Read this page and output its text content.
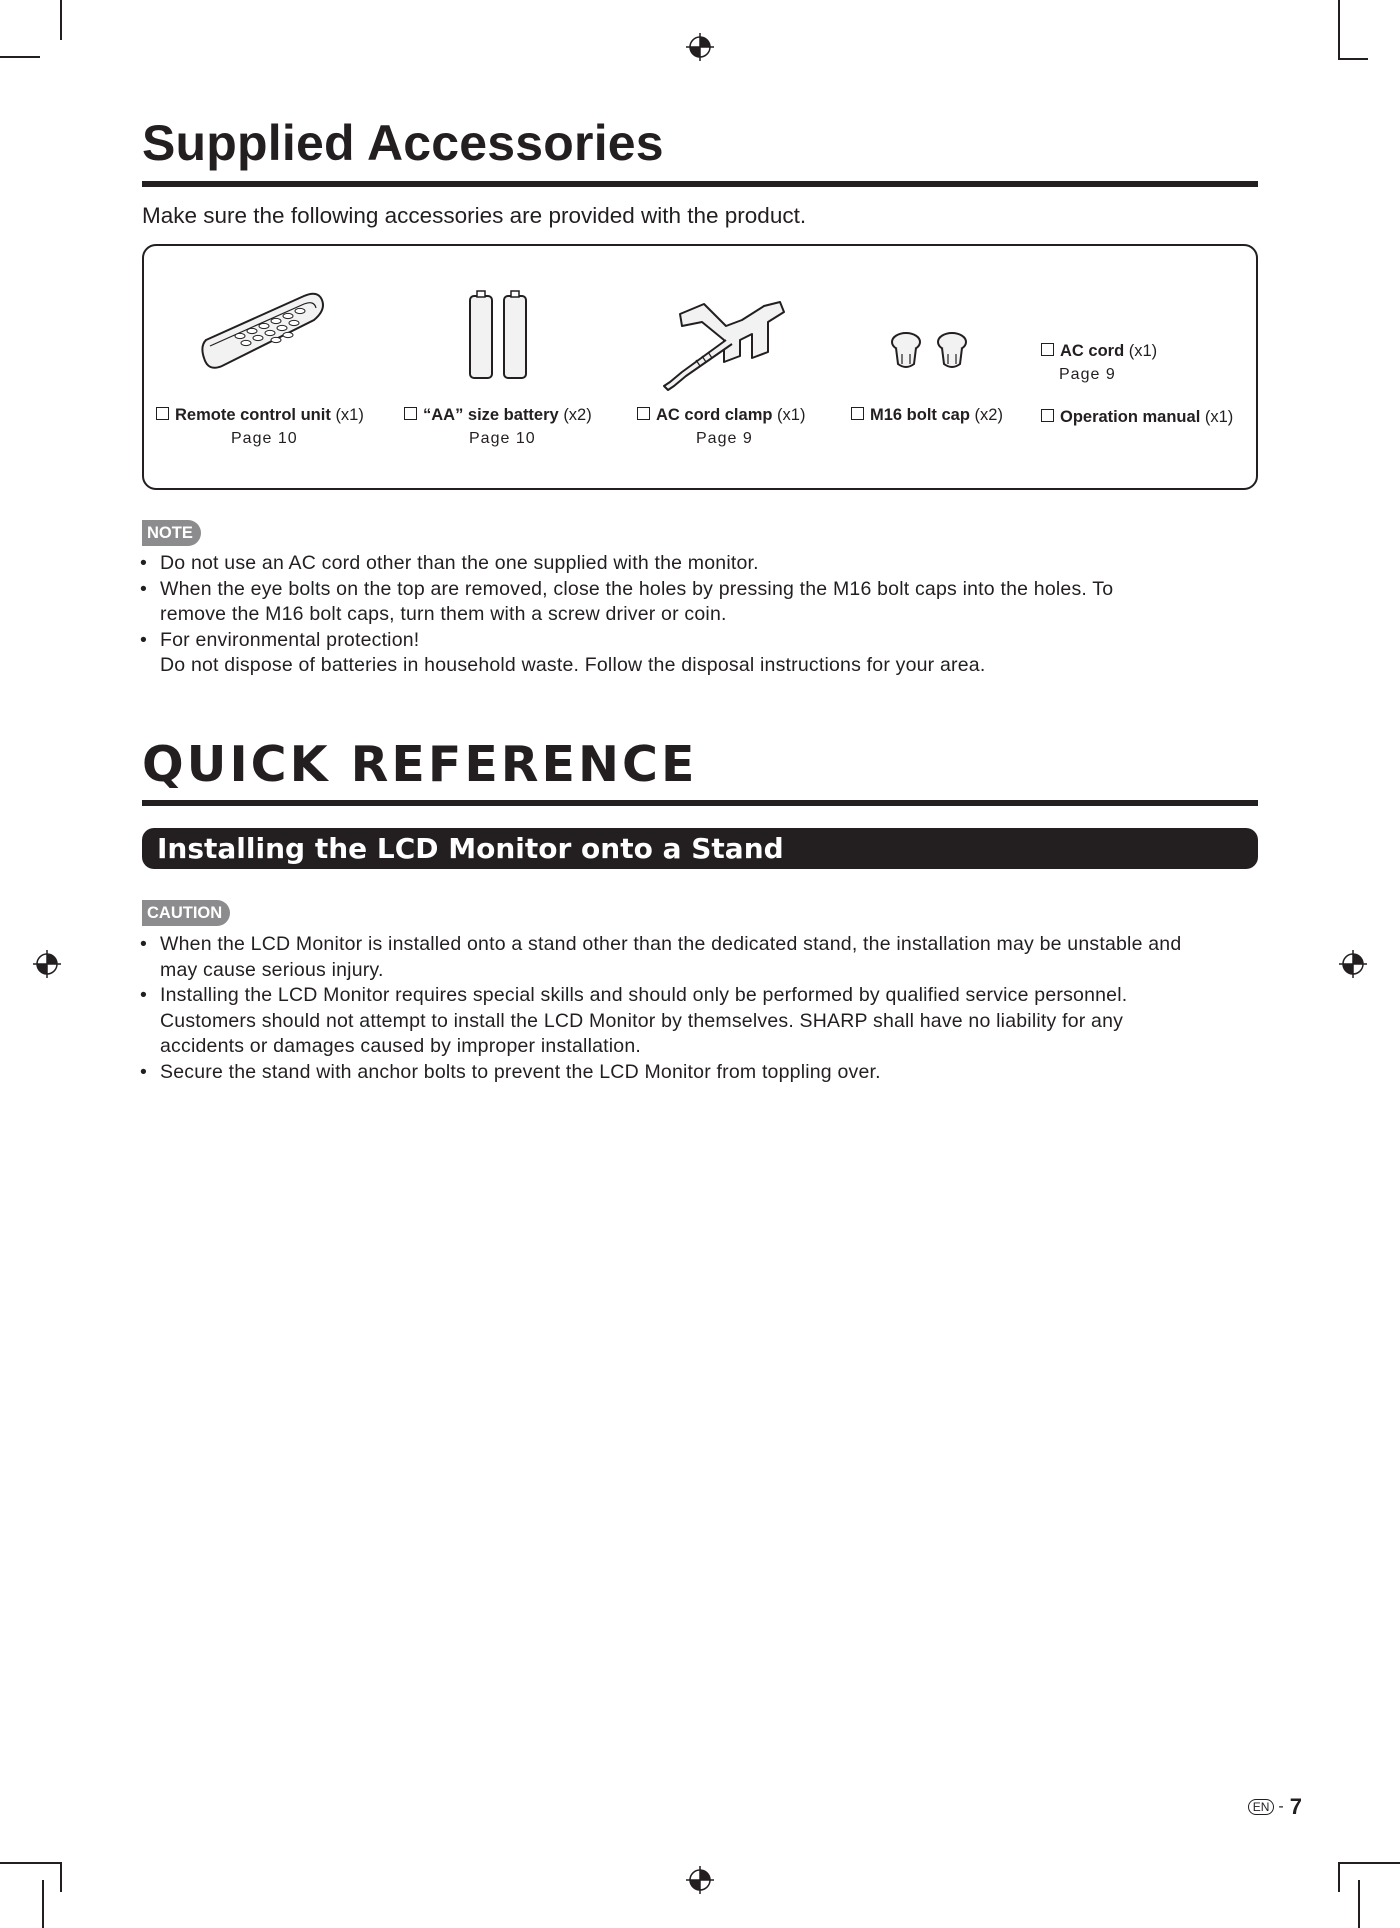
Supplied Accessories
Make sure the following accessories are provided with the product.
Remote control unit (x1)
Page 10
“AA” size battery (x2)
Page 10
AC cord clamp (x1)
Page 9
M16 bolt cap (x2)
AC cord (x1)
Page 9
Operation manual (x1)
NOTE
• Do not use an AC cord other than the one supplied with the monitor.
• When the eye bolts on the top are removed, close the holes by pressing the M16 bolt caps into the holes. To
remove the M16 bolt caps, turn them with a screw driver or coin.
• For environmental protection!
Do not dispose of batteries in household waste. Follow the disposal instructions for your area.
QUICK REFERENCE
Installing the LCD Monitor onto a Stand
CAUTION
• When the LCD Monitor is installed onto a stand other than the dedicated stand, the installation may be unstable and
may cause serious injury.
• Installing the LCD Monitor requires special skills and should only be performed by qualified service personnel.
Customers should not attempt to install the LCD Monitor by themselves. SHARP shall have no liability for any
accidents or damages caused by improper installation.
• Secure the stand with anchor bolts to prevent the LCD Monitor from toppling over.
EN - 7
